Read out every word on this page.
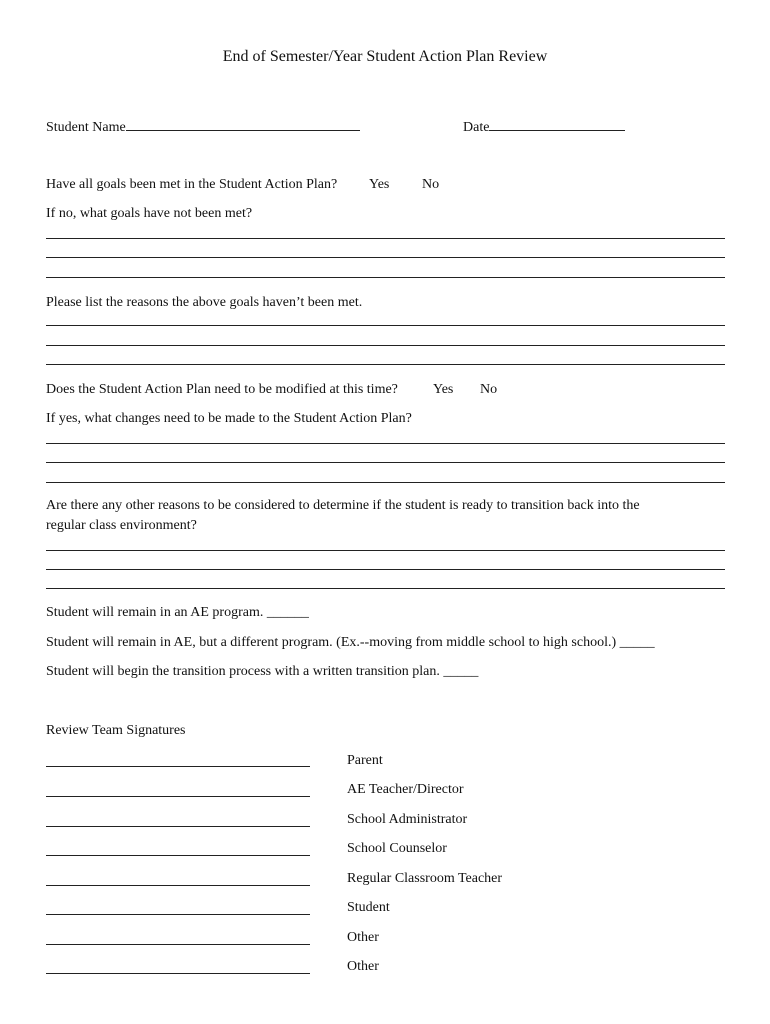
End of Semester/Year Student Action Plan Review
Student Name	Date
Have all goals been met in the Student Action Plan? Yes No
If no, what goals have not been met?
Please list the reasons the above goals haven’t been met.
Does the Student Action Plan need to be modified at this time?	Yes No
If yes, what changes need to be made to the Student Action Plan?
Are there any other reasons to be considered to determine if the student is ready to transition back into the
regular class environment?
Student will remain in an AE program. ______
Student will remain in AE, but a different program. (Ex.--moving from middle school to high school.) _____
Student will begin the transition process with a written transition plan. _____
Review Team Signatures
Parent
AE Teacher/Director
School Administrator
School Counselor
Regular Classroom Teacher
Student
Other
Other
